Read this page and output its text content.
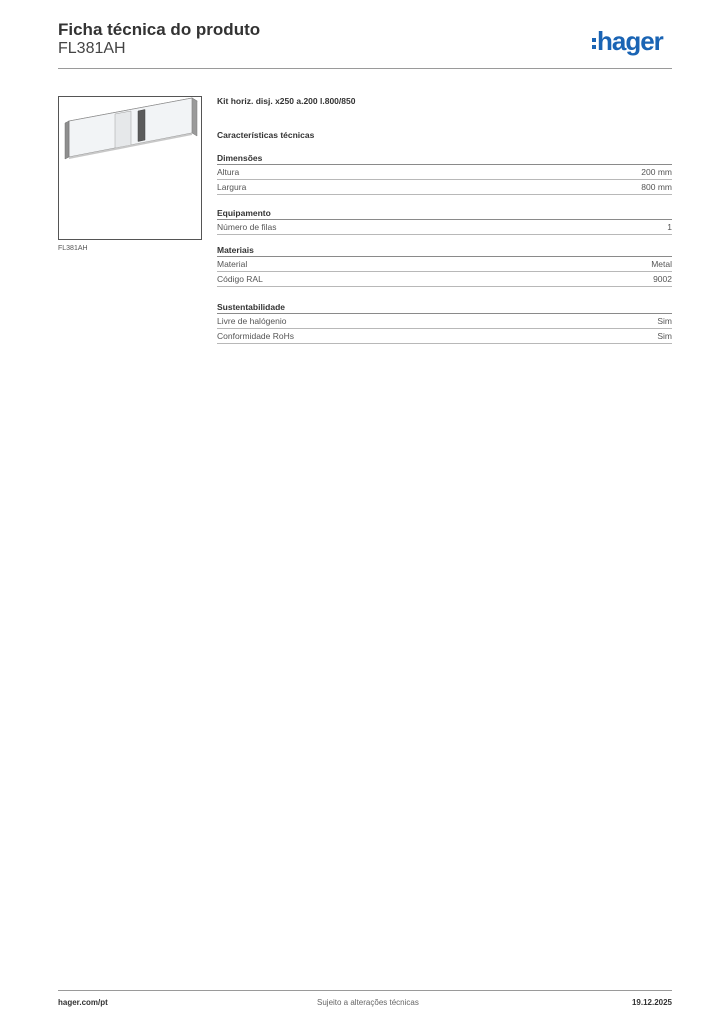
Ficha técnica do produto
FL381AH	hager
FL381AH
Kit horiz. disj. x250 a.200 l.800/850
Características técnicas
Dimensões
Altura	200 mm
Largura	800 mm
Equipamento
Número de filas	1
Materiais
Material	Metal
Código RAL	9002
Sustentabilidade
Livre de halógenio	Sim
Conformidade RoHs	Sim
hager.com/pt	Sujeito a alterações técnicas	19.12.2025
